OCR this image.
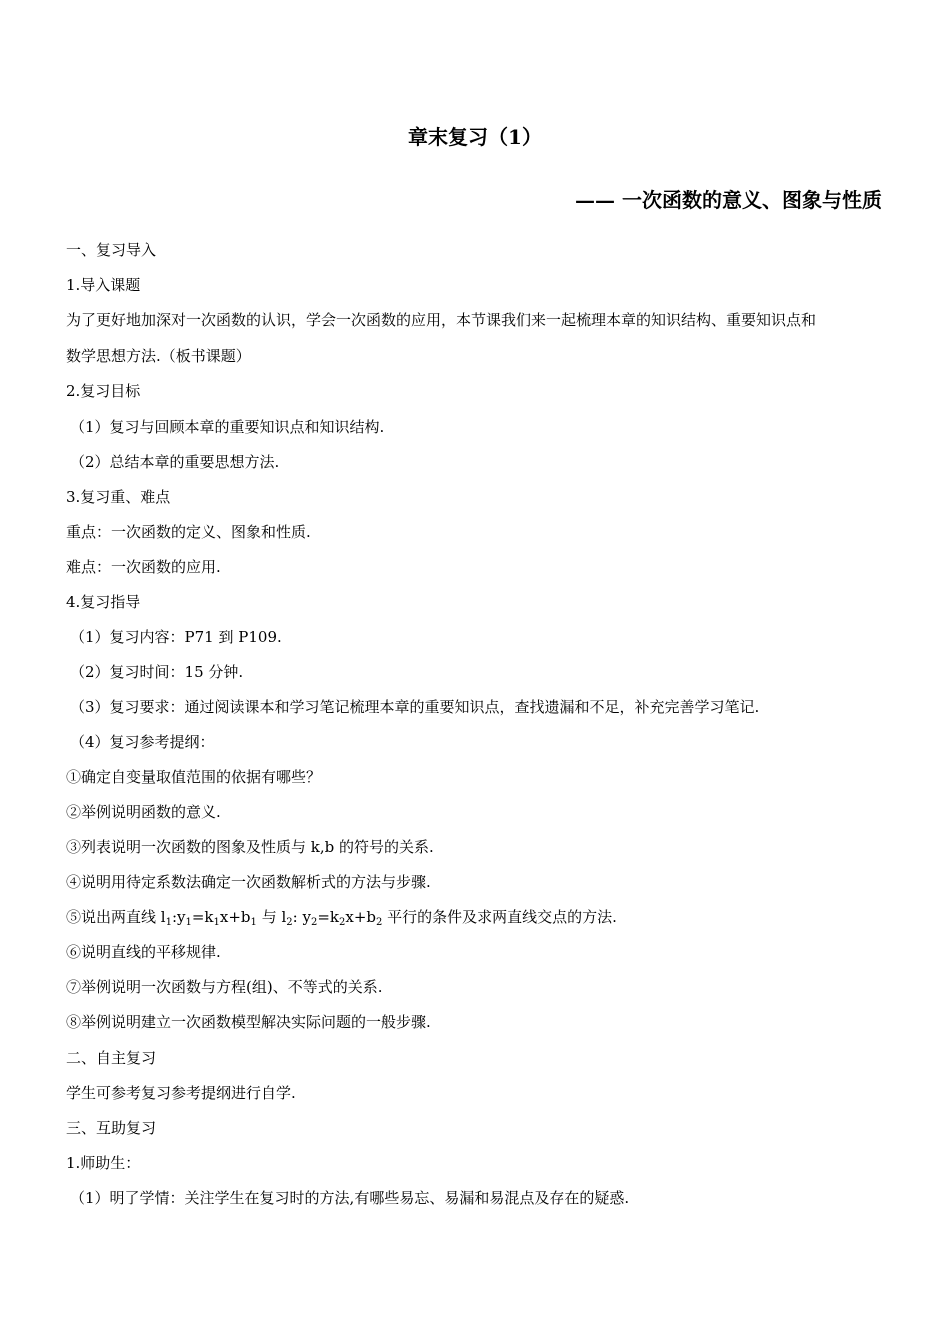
章末复习（1）
—— 一次函数的意义、图象与性质
一、复习导入
1.导入课题
为了更好地加深对一次函数的认识，学会一次函数的应用，本节课我们来一起梳理本章的知识结构、重要知识点和
数学思想方法.（板书课题）
2.复习目标
（1）复习与回顾本章的重要知识点和知识结构.
（2）总结本章的重要思想方法.
3.复习重、难点
重点：一次函数的定义、图象和性质.
难点：一次函数的应用.
4.复习指导
（1）复习内容：P71 到 P109.
（2）复习时间：15 分钟.
（3）复习要求：通过阅读课本和学习笔记梳理本章的重要知识点，查找遗漏和不足，补充完善学习笔记.
（4）复习参考提纲：
①确定自变量取值范围的依据有哪些？
②举例说明函数的意义.
③列表说明一次函数的图象及性质与 k,b 的符号的关系.
④说明用待定系数法确定一次函数解析式的方法与步骤.
⑤说出两直线 $l_1:y_1=k_1x+b_1$ 与 $l_2$: $y_2=k_2x+b_2$ 平行的条件及求两直线交点的方法.
⑥说明直线的平移规律.
⑦举例说明一次函数与方程(组)、不等式的关系.
⑧举例说明建立一次函数模型解决实际问题的一般步骤.
二、自主复习
学生可参考复习参考提纲进行自学.
三、互助复习
1.师助生：
（1）明了学情：关注学生在复习时的方法,有哪些易忘、易漏和易混点及存在的疑惑.
